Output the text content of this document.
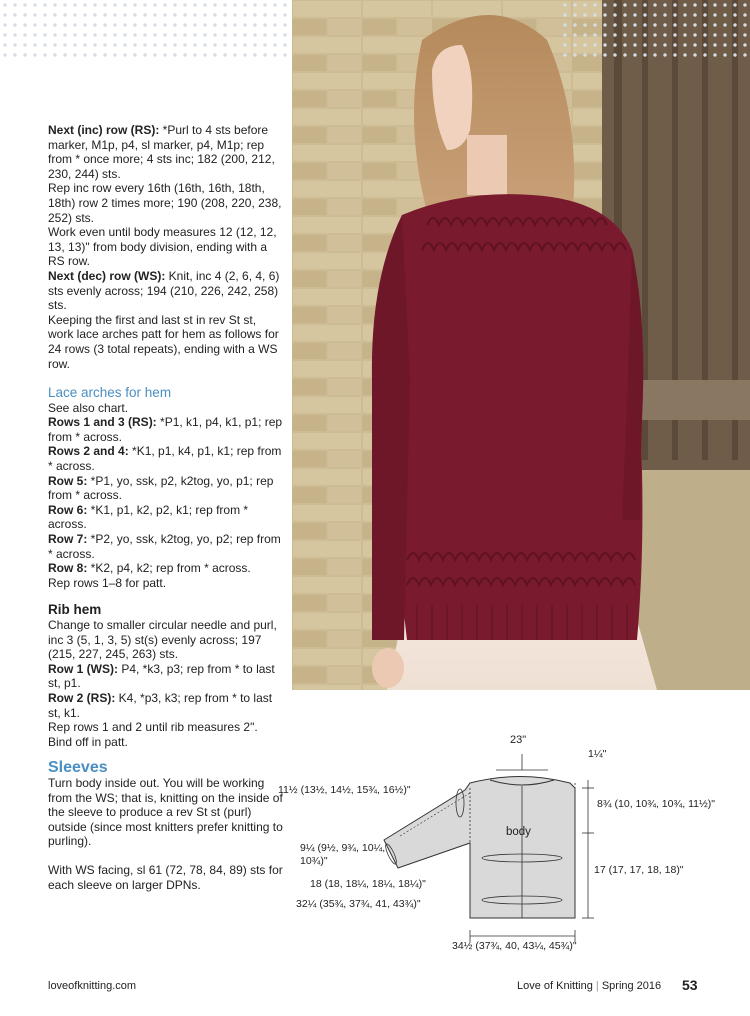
Next (inc) row (RS): *Purl to 4 sts before marker, M1p, p4, sl marker, p4, M1p; rep from * once more; 4 sts inc; 182 (200, 212, 230, 244) sts.

Rep inc row every 16th (16th, 16th, 18th, 18th) row 2 times more; 190 (208, 220, 238, 252) sts.

Work even until body measures 12 (12, 12, 13, 13)" from body division, ending with a RS row.

Next (dec) row (WS): Knit, inc 4 (2, 6, 4, 6) sts evenly across; 194 (210, 226, 242, 258) sts.

Keeping the first and last st in rev St st, work lace arches patt for hem as follows for 24 rows (3 total repeats), ending with a WS row.

Lace arches for hem

See also chart.

Rows 1 and 3 (RS): *P1, k1, p4, k1, p1; rep from * across.

Rows 2 and 4: *K1, p1, k4, p1, k1; rep from * across.

Row 5: *P1, yo, ssk, p2, k2tog, yo, p1; rep from * across.

Row 6: *K1, p1, k2, p2, k1; rep from * across.

Row 7: *P2, yo, ssk, k2tog, yo, p2; rep from * across.

Row 8: *K2, p4, k2; rep from * across.

Rep rows 1–8 for patt.

Rib hem

Change to smaller circular needle and purl, inc 3 (5, 1, 3, 5) st(s) evenly across; 197 (215, 227, 245, 263) sts.

Row 1 (WS): P4, *k3, p3; rep from * to last st, p1.

Row 2 (RS): K4, *p3, k3; rep from * to last st, k1.

Rep rows 1 and 2 until rib measures 2".

Bind off in patt.

Sleeves

Turn body inside out. You will be working from the WS; that is, knitting on the inside of the sleeve to produce a rev St st (purl) outside (since most knitters prefer knitting to purling).

With WS facing, sl 61 (72, 78, 84, 89) sts for each sleeve on larger DPNs.

23"
1¼"
8¾ (10, 10¾, 10¾, 11½)"
11½ (13½, 14½, 15¾, 16½)"
body
9¼ (9½, 9¾, 10¼, 10¾)"
17 (17, 17, 18, 18)"
18 (18, 18¼, 18¼, 18¼)"
32¼ (35¾, 37¾, 41, 43¾)"
34½ (37¾, 40, 43¼, 45¾)"
loveofknitting.com	Love of Knitting | Spring 2016 53
